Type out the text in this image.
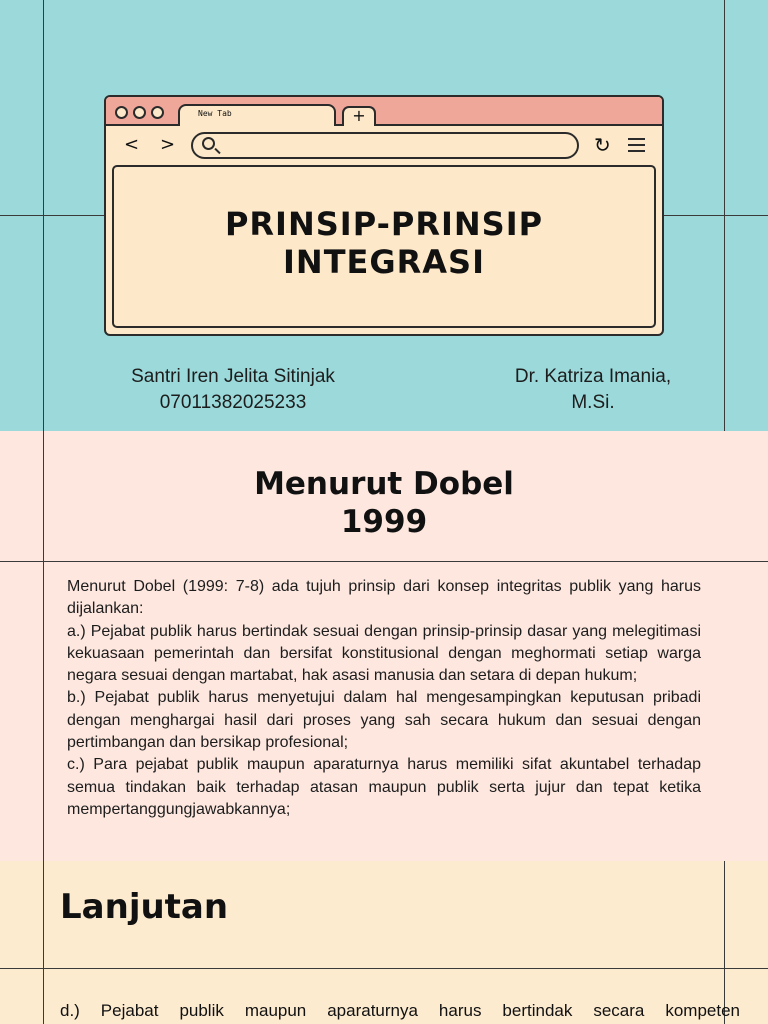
New Tab	+
< >	↻
PRINSIP-PRINSIP
INTEGRASI
Santri Iren Jelita Sitinjak
07011382025233
Dr. Katriza Imania,
M.Si.
Menurut Dobel
1999
Menurut Dobel (1999: 7-8) ada tujuh prinsip dari konsep integritas publik yang harus dijalankan:
a.) Pejabat publik harus bertindak sesuai dengan prinsip-prinsip dasar yang melegitimasi kekuasaan pemerintah dan bersifat konstitusional dengan meghormati setiap warga negara sesuai dengan martabat, hak asasi manusia dan setara di depan hukum;
b.) Pejabat publik harus menyetujui dalam hal mengesampingkan keputusan pribadi dengan menghargai hasil dari proses yang sah secara hukum dan sesuai dengan pertimbangan dan bersikap profesional;
c.) Para pejabat publik maupun aparaturnya harus memiliki sifat akuntabel terhadap semua tindakan baik terhadap atasan maupun publik serta jujur dan tepat ketika mempertanggungjawabkannya;
Lanjutan
d.) Pejabat publik maupun aparaturnya harus bertindak secara kompeten
